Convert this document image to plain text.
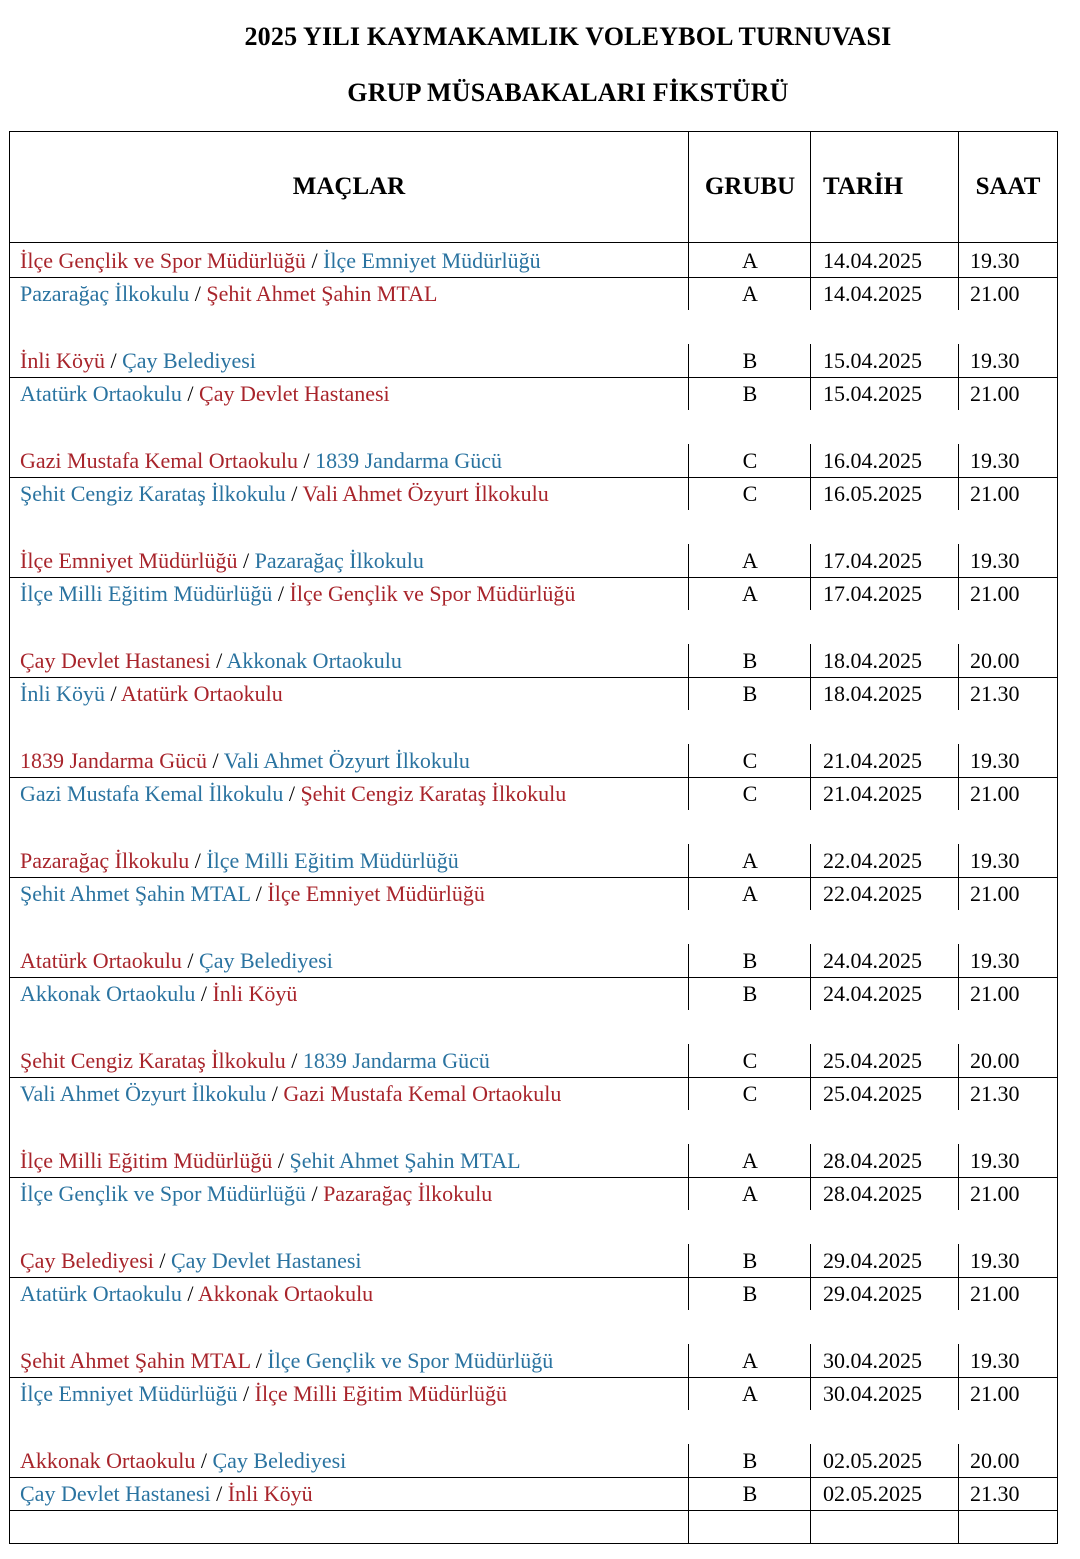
2025 YILI KAYMAKAMLIK VOLEYBOL TURNUVASI
GRUP MÜSABAKALARI FİKSTÜRÜ
MAÇLAR	GRUBU	TARİH	SAAT
İlçe Gençlik ve Spor Müdürlüğü / İlçe Emniyet Müdürlüğü	A	14.04.2025 19.30
Pazarağaç İlkokulu / Şehit Ahmet Şahin MTAL	A	14.04.2025 21.00
İnli Köyü / Çay Belediyesi	B	15.04.2025 19.30
Atatürk Ortaokulu / Çay Devlet Hastanesi	B	15.04.2025 21.00
Gazi Mustafa Kemal Ortaokulu / 1839 Jandarma Gücü	C	16.04.2025 19.30
Şehit Cengiz Karataş İlkokulu / Vali Ahmet Özyurt İlkokulu	C	16.05.2025 21.00
İlçe Emniyet Müdürlüğü / Pazarağaç İlkokulu	A	17.04.2025 19.30
İlçe Milli Eğitim Müdürlüğü / İlçe Gençlik ve Spor Müdürlüğü	A	17.04.2025 21.00
Çay Devlet Hastanesi / Akkonak Ortaokulu	B	18.04.2025 20.00
İnli Köyü / Atatürk Ortaokulu	B	18.04.2025 21.30
1839 Jandarma Gücü / Vali Ahmet Özyurt İlkokulu	C	21.04.2025 19.30
Gazi Mustafa Kemal İlkokulu / Şehit Cengiz Karataş İlkokulu	C	21.04.2025 21.00
Pazarağaç İlkokulu / İlçe Milli Eğitim Müdürlüğü	A	22.04.2025 19.30
Şehit Ahmet Şahin MTAL / İlçe Emniyet Müdürlüğü	A	22.04.2025 21.00
Atatürk Ortaokulu / Çay Belediyesi	B	24.04.2025 19.30
Akkonak Ortaokulu / İnli Köyü	B	24.04.2025 21.00
Şehit Cengiz Karataş İlkokulu / 1839 Jandarma Gücü	C	25.04.2025 20.00
Vali Ahmet Özyurt İlkokulu / Gazi Mustafa Kemal Ortaokulu	C	25.04.2025 21.30
İlçe Milli Eğitim Müdürlüğü / Şehit Ahmet Şahin MTAL	A	28.04.2025 19.30
İlçe Gençlik ve Spor Müdürlüğü / Pazarağaç İlkokulu	A	28.04.2025 21.00
Çay Belediyesi / Çay Devlet Hastanesi	B	29.04.2025 19.30
Atatürk Ortaokulu / Akkonak Ortaokulu	B	29.04.2025 21.00
Şehit Ahmet Şahin MTAL / İlçe Gençlik ve Spor Müdürlüğü	A	30.04.2025 19.30
İlçe Emniyet Müdürlüğü / İlçe Milli Eğitim Müdürlüğü	A	30.04.2025 21.00
Akkonak Ortaokulu / Çay Belediyesi	B	02.05.2025 20.00
Çay Devlet Hastanesi / İnli Köyü	B	02.05.2025 21.30
